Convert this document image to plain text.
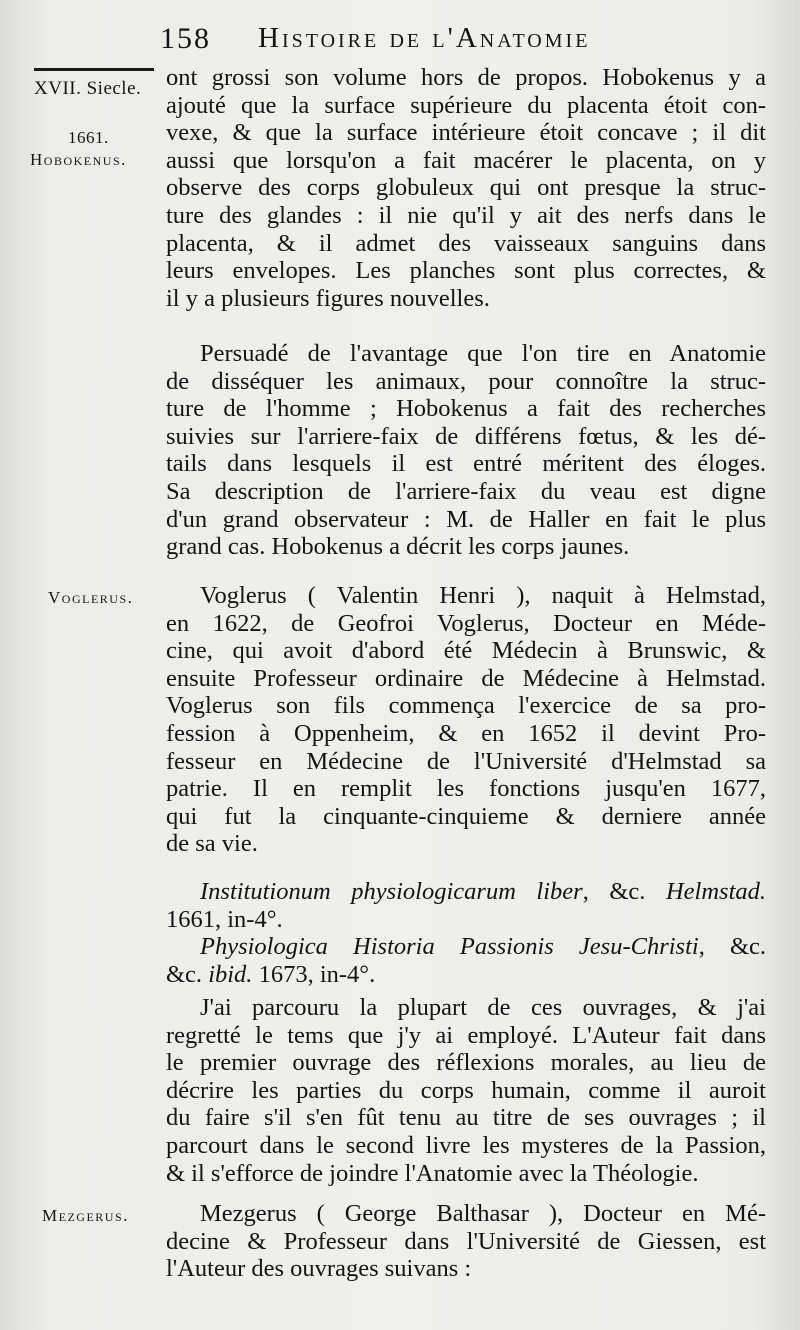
158 Histoire de l'Anatomie
XVII. Siecle.
1661.
Hobokenus.
Voglerus.
Mezgerus.
ont grossi son volume hors de propos. Hobokenus y a
ajouté que la surface supérieure du placenta étoit con-
vexe, & que la surface intérieure étoit concave ; il dit
aussi que lorsqu'on a fait macérer le placenta, on y
observe des corps globuleux qui ont presque la struc-
ture des glandes : il nie qu'il y ait des nerfs dans le
placenta, & il admet des vaisseaux sanguins dans
leurs envelopes. Les planches sont plus correctes, &
il y a plusieurs figures nouvelles.
Persuadé de l'avantage que l'on tire en Anatomie
de disséquer les animaux, pour connoître la struc-
ture de l'homme ; Hobokenus a fait des recherches
suivies sur l'arriere-faix de différens fœtus, & les dé-
tails dans lesquels il est entré méritent des éloges.
Sa description de l'arriere-faix du veau est digne
d'un grand observateur : M. de Haller en fait le plus
grand cas. Hobokenus a décrit les corps jaunes.
Voglerus ( Valentin Henri ), naquit à Helmstad,
en 1622, de Geofroi Voglerus, Docteur en Méde-
cine, qui avoit d'abord été Médecin à Brunswic, &
ensuite Professeur ordinaire de Médecine à Helmstad.
Voglerus son fils commença l'exercice de sa pro-
fession à Oppenheim, & en 1652 il devint Pro-
fesseur en Médecine de l'Université d'Helmstad sa
patrie. Il en remplit les fonctions jusqu'en 1677,
qui fut la cinquante-cinquieme & derniere année
de sa vie.
Institutionum physiologicarum liber, &c. Helmstad.
1661, in-4°.
Physiologica Historia Passionis Jesu-Christi, &c.
&c. ibid. 1673, in-4°.
J'ai parcouru la plupart de ces ouvrages, & j'ai
regretté le tems que j'y ai employé. L'Auteur fait dans
le premier ouvrage des réflexions morales, au lieu de
décrire les parties du corps humain, comme il auroit
du faire s'il s'en fût tenu au titre de ses ouvrages ; il
parcourt dans le second livre les mysteres de la Passion,
& il s'efforce de joindre l'Anatomie avec la Théologie.
Mezgerus ( George Balthasar ), Docteur en Mé-
decine & Professeur dans l'Université de Giessen, est
l'Auteur des ouvrages suivans :
